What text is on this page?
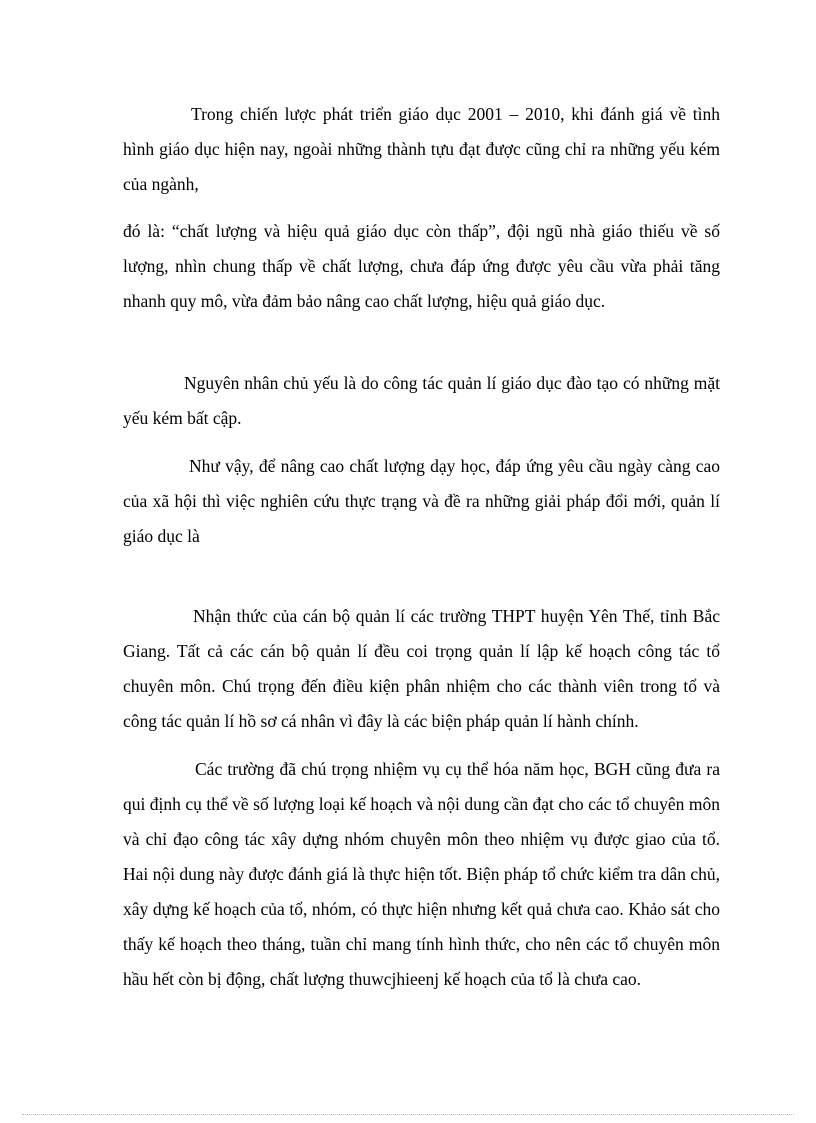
Trong chiến lược phát triển giáo dục 2001 – 2010, khi đánh giá về tình hình giáo dục hiện nay, ngoài những thành tựu đạt được cũng chỉ ra những yếu kém của ngành,

đó là: “chất lượng và hiệu quả giáo dục còn thấp”, đội ngũ nhà giáo thiếu về số lượng, nhìn chung thấp về chất lượng, chưa đáp ứng được yêu cầu vừa phải tăng nhanh quy mô, vừa đảm bảo nâng cao chất lượng, hiệu quả giáo dục.

Nguyên nhân chủ yếu là do công tác quản lí giáo dục đào tạo có những mặt yếu kém bất cập.

Như vậy, để nâng cao chất lượng dạy học, đáp ứng yêu cầu ngày càng cao của xã hội thì việc nghiên cứu thực trạng và đề ra những giải pháp đổi mới, quản lí giáo dục là

Nhận thức của cán bộ quản lí các trường THPT huyện Yên Thế, tỉnh Bắc Giang. Tất cả các cán bộ quản lí đều coi trọng quản lí lập kế hoạch công tác tổ chuyên môn. Chú trọng đến điều kiện phân nhiệm cho các thành viên trong tổ và công tác quản lí hồ sơ cá nhân vì đây là các biện pháp quản lí hành chính.

Các trường đã chú trọng nhiệm vụ cụ thể hóa năm học, BGH cũng đưa ra qui định cụ thể về số lượng loại kế hoạch và nội dung cần đạt cho các tổ chuyên môn và chỉ đạo công tác xây dựng nhóm chuyên môn theo nhiệm vụ được giao của tổ. Hai nội dung này được đánh giá là thực hiện tốt. Biện pháp tổ chức kiểm tra dân chủ, xây dựng kế hoạch của tổ, nhóm, có thực hiện nhưng kết quả chưa cao. Khảo sát cho thấy kế hoạch theo tháng, tuần chỉ mang tính hình thức, cho nên các tổ chuyên môn hầu hết còn bị động, chất lượng thuwcjhieenj kế hoạch của tổ là chưa cao.
